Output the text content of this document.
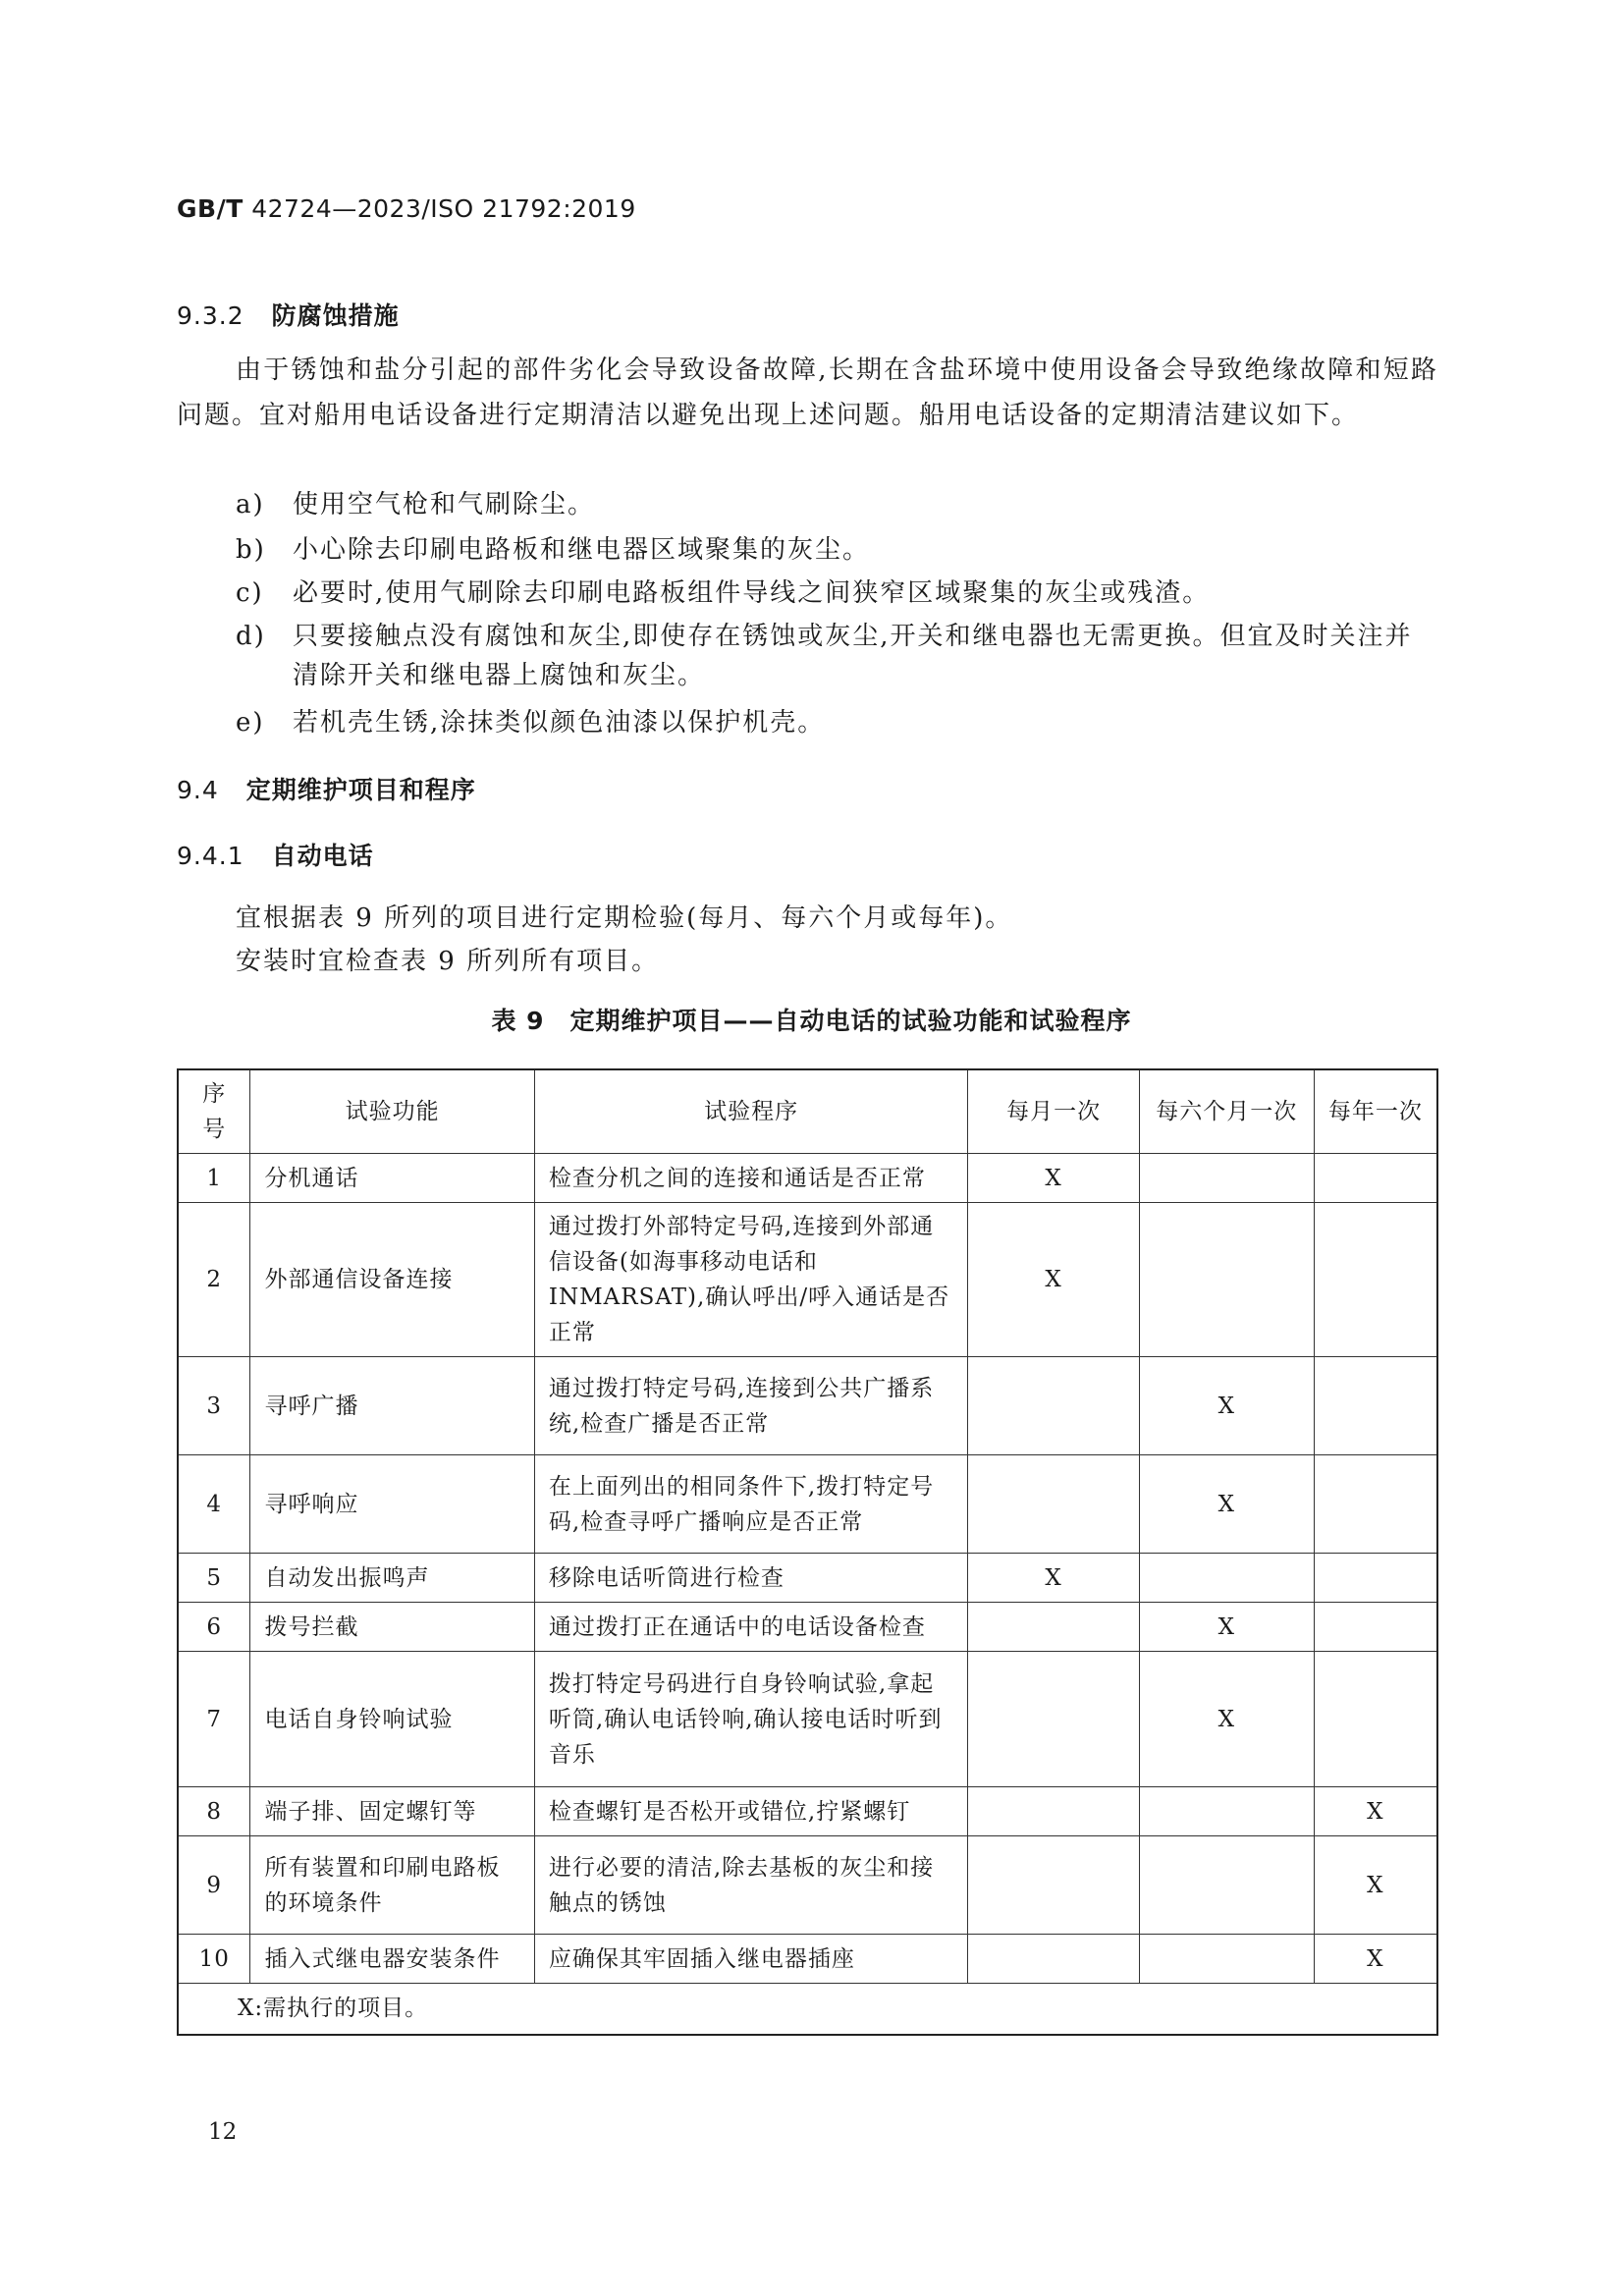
GB/T 42724—2023/ISO 21792:2019
9.3.2 防腐蚀措施
由于锈蚀和盐分引起的部件劣化会导致设备故障,长期在含盐环境中使用设备会导致绝缘故障和短路问题。宜对船用电话设备进行定期清洁以避免出现上述问题。船用电话设备的定期清洁建议如下。
a)	使用空气枪和气刷除尘。
b)	小心除去印刷电路板和继电器区域聚集的灰尘。
c)	必要时,使用气刷除去印刷电路板组件导线之间狭窄区域聚集的灰尘或残渣。
d)	只要接触点没有腐蚀和灰尘,即使存在锈蚀或灰尘,开关和继电器也无需更换。但宜及时关注并清除开关和继电器上腐蚀和灰尘。
e)	若机壳生锈,涂抹类似颜色油漆以保护机壳。
9.4 定期维护项目和程序
9.4.1 自动电话
宜根据表 9 所列的项目进行定期检验(每月、每六个月或每年)。
安装时宜检查表 9 所列所有项目。
表 9　定期维护项目——自动电话的试验功能和试验程序
序号	试验功能	试验程序	每月一次	每六个月一次	每年一次
1	分机通话	检查分机之间的连接和通话是否正常	X		
2	外部通信设备连接	通过拨打外部特定号码,连接到外部通信设备(如海事移动电话和 INMARSAT),确认呼出/呼入通话是否正常	X		
3	寻呼广播	通过拨打特定号码,连接到公共广播系统,检查广播是否正常		X	
4	寻呼响应	在上面列出的相同条件下,拨打特定号码,检查寻呼广播响应是否正常		X	
5	自动发出振鸣声	移除电话听筒进行检查	X		
6	拨号拦截	通过拨打正在通话中的电话设备检查		X	
7	电话自身铃响试验	拨打特定号码进行自身铃响试验,拿起听筒,确认电话铃响,确认接电话时听到音乐		X	
8	端子排、固定螺钉等	检查螺钉是否松开或错位,拧紧螺钉			X
9	所有装置和印刷电路板的环境条件	进行必要的清洁,除去基板的灰尘和接触点的锈蚀			X
10	插入式继电器安装条件	应确保其牢固插入继电器插座			X
X:需执行的项目。					
12
